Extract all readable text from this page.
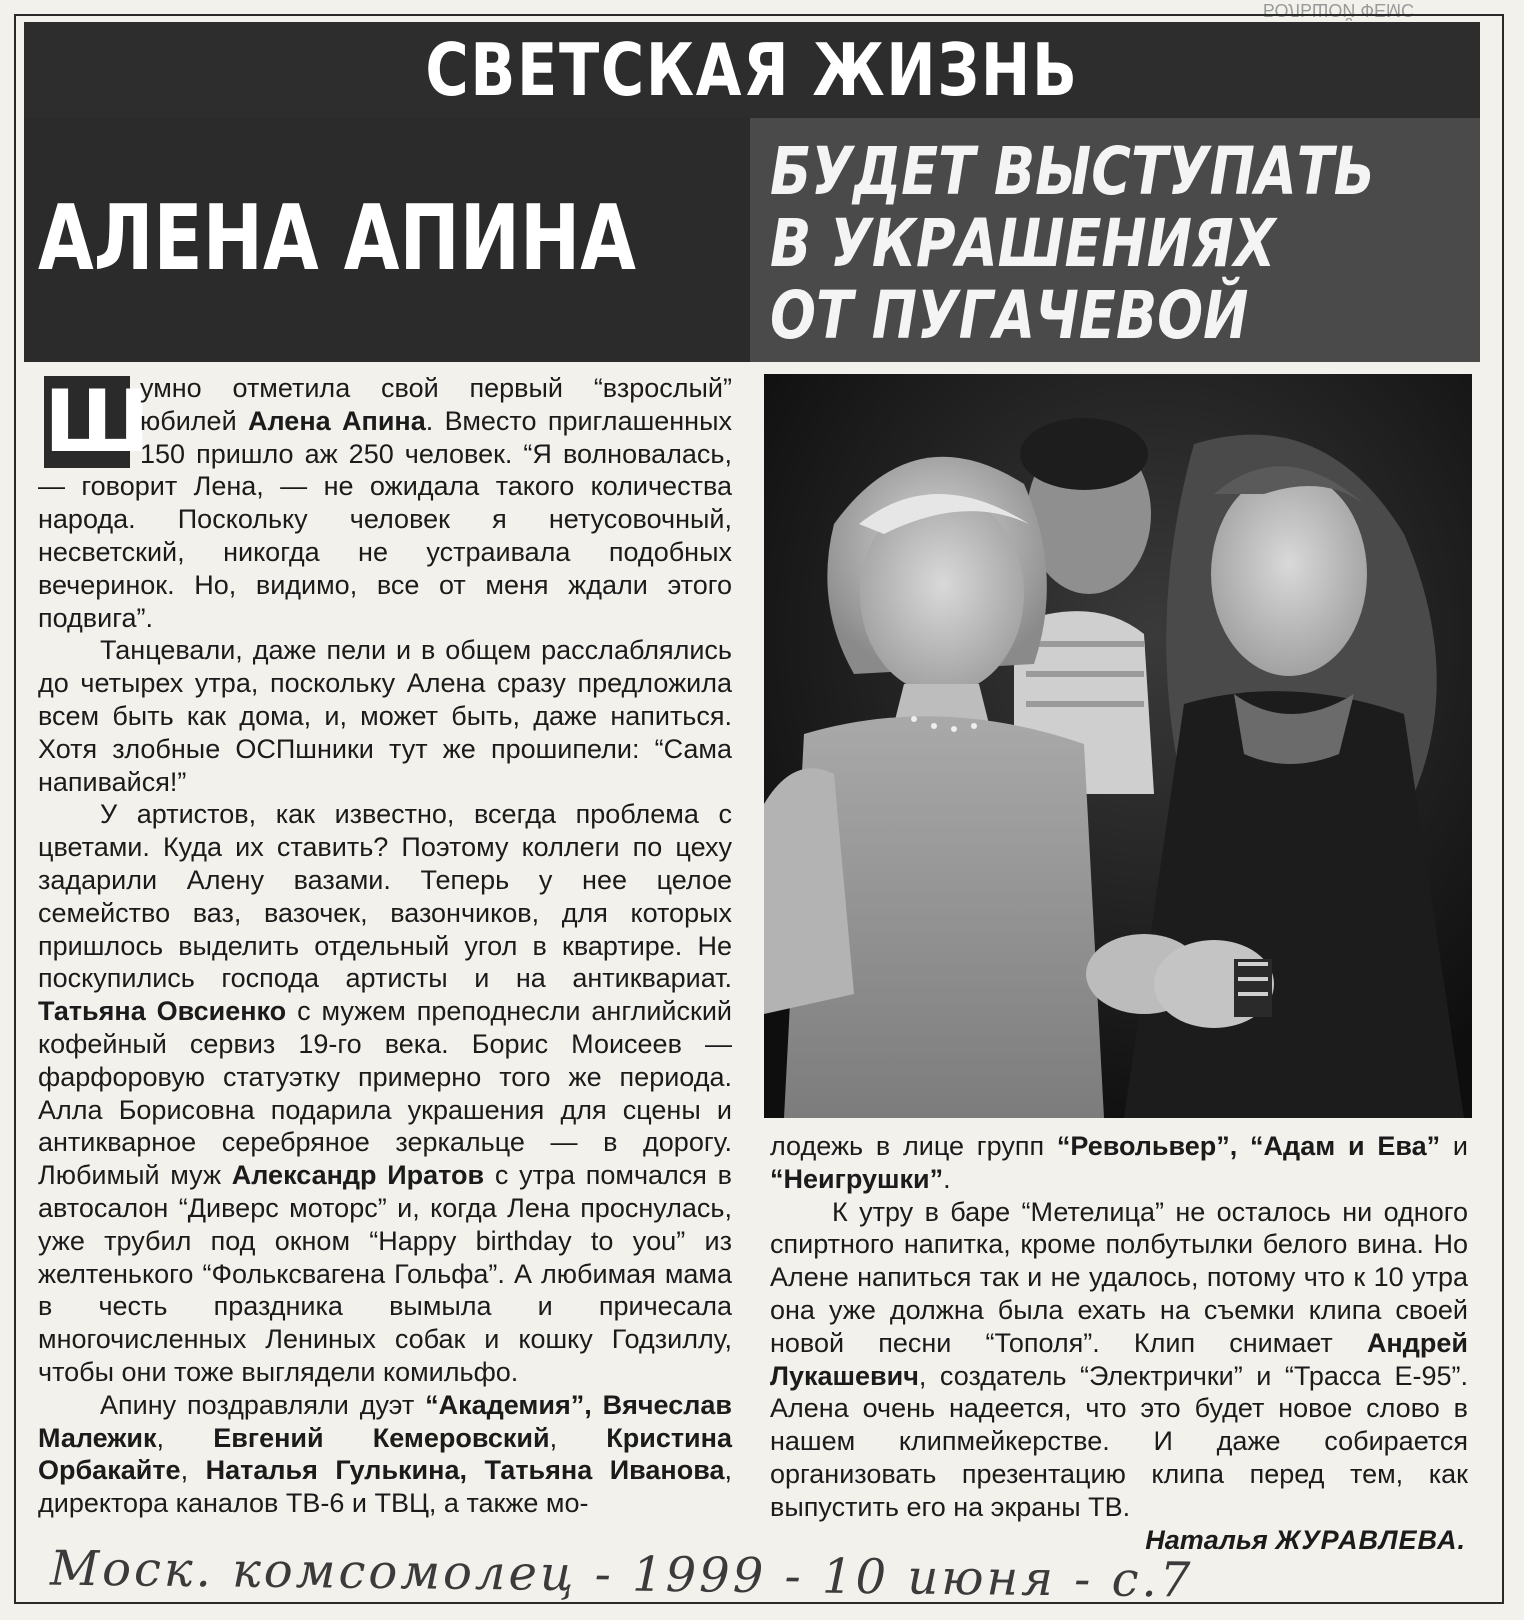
БОЛЬШОЙ ФЕМС
СВЕТСКАЯ ЖИЗНЬ
АЛЕНА АПИНА
БУДЕТ ВЫСТУПАТЬ
В УКРАШЕНИЯХ
ОТ ПУГАЧЕВОЙ

Ш
умно отметила свой первый “взрослый” юбилей Алена Апина. Вместо приглашенных 150 пришло аж 250 человек. “Я волновалась, — говорит Лена, — не ожидала такого количества народа. Поскольку человек я нетусовочный, несветский, никогда не устраивала подобных вечеринок. Но, видимо, все от меня ждали этого подвига”.

Танцевали, даже пели и в общем расслаблялись до четырех утра, поскольку Алена сразу предложила всем быть как дома, и, может быть, даже напиться. Хотя злобные ОСПшники тут же прошипели: “Сама напивайся!”

У артистов, как известно, всегда проблема с цветами. Куда их ставить? Поэтому коллеги по цеху задарили Алену вазами. Теперь у нее целое семейство ваз, вазочек, вазончиков, для которых пришлось выделить отдельный угол в квартире. Не поскупились господа артисты и на антиквариат. Татьяна Овсиенко с мужем преподнесли английский кофейный сервиз 19-го века. Борис Моисеев — фарфоровую статуэтку примерно того же периода. Алла Борисовна подарила украшения для сцены и антикварное серебряное зеркальце — в дорогу. Любимый муж Александр Иратов с утра помчался в автосалон “Диверс моторс” и, когда Лена проснулась, уже трубил под окном “Happy birthday to you” из желтенького “Фольксвагена Гольфа”. А любимая мама в честь праздника вымыла и причесала многочисленных Лениных собак и кошку Годзиллу, чтобы они тоже выглядели комильфо.

Апину поздравляли дуэт “Академия”, Вячеслав Малежик, Евгений Кемеровский, Кристина Орбакайте, Наталья Гулькина, Татьяна Иванова, директора каналов ТВ-6 и ТВЦ, а также мо-

лодежь в лице групп “Револьвер”, “Адам и Ева” и “Неигрушки”.

К утру в баре “Метелица” не осталось ни одного спиртного напитка, кроме полбутылки белого вина. Но Алене напиться так и не удалось, потому что к 10 утра она уже должна была ехать на съемки клипа своей новой песни “Тополя”. Клип снимает Андрей Лукашевич, создатель “Электрички” и “Трасса Е-95”. Алена очень надеется, что это будет новое слово в нашем клипмейкерстве. И даже собирается организовать презентацию клипа перед тем, как выпустить его на экраны ТВ.

Наталья ЖУРАВЛЕВА.
Моск. комсомолец - 1999 - 10 июня - с.7
